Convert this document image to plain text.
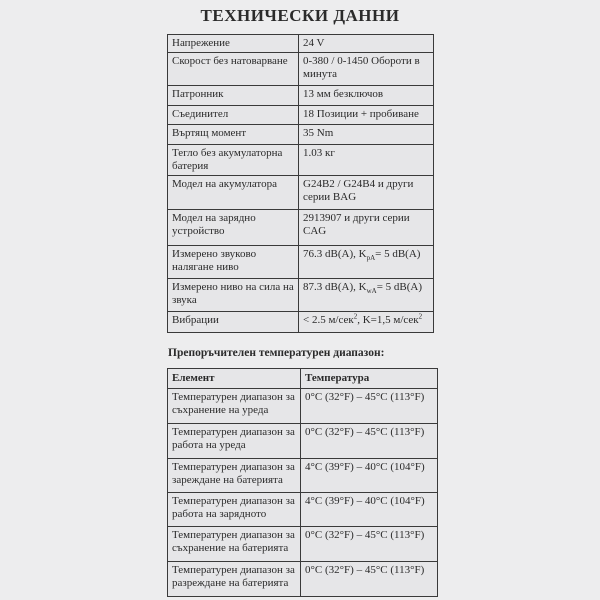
ТЕХНИЧЕСКИ ДАННИ
Напрежение	24 V
Скорост без натоварване	0-380 / 0-1450 Обороти в минута
Патронник	13 мм безключов
Съединител	18 Позиции + пробиване
Въртящ момент	35 Nm
Тегло без акумулаторна батерия	1.03 кг
Модел на акумулатора	G24B2 / G24B4 и други серии BAG
Модел на зарядно устройство	2913907 и други серии CAG
Измерено звуково налягане ниво	76.3 dB(A), $K_{pA}= 5$ dB(A)
Измерено ниво на сила на звука	87.3 dB(A), $K_{wA}= 5$ dB(A)
Вибрации	< 2.5 м/сек$^2$, K=1,5 м/сек$^2$
Препоръчителен температурен диапазон:
Елемент	Температура
Температурен диапазон за съхранение на уреда	0°C (32°F) – 45°C (113°F)
Температурен диапазон за работа на уреда	0°C (32°F) – 45°C (113°F)
Температурен диапазон за зареждане на батерията	4°C (39°F) – 40°C (104°F)
Температурен диапазон за работа на зарядното	4°C (39°F) – 40°C (104°F)
Температурен диапазон за съхранение на батерията	0°C (32°F) – 45°C (113°F)
Температурен диапазон за разреждане на батерията	0°C (32°F) – 45°C (113°F)
